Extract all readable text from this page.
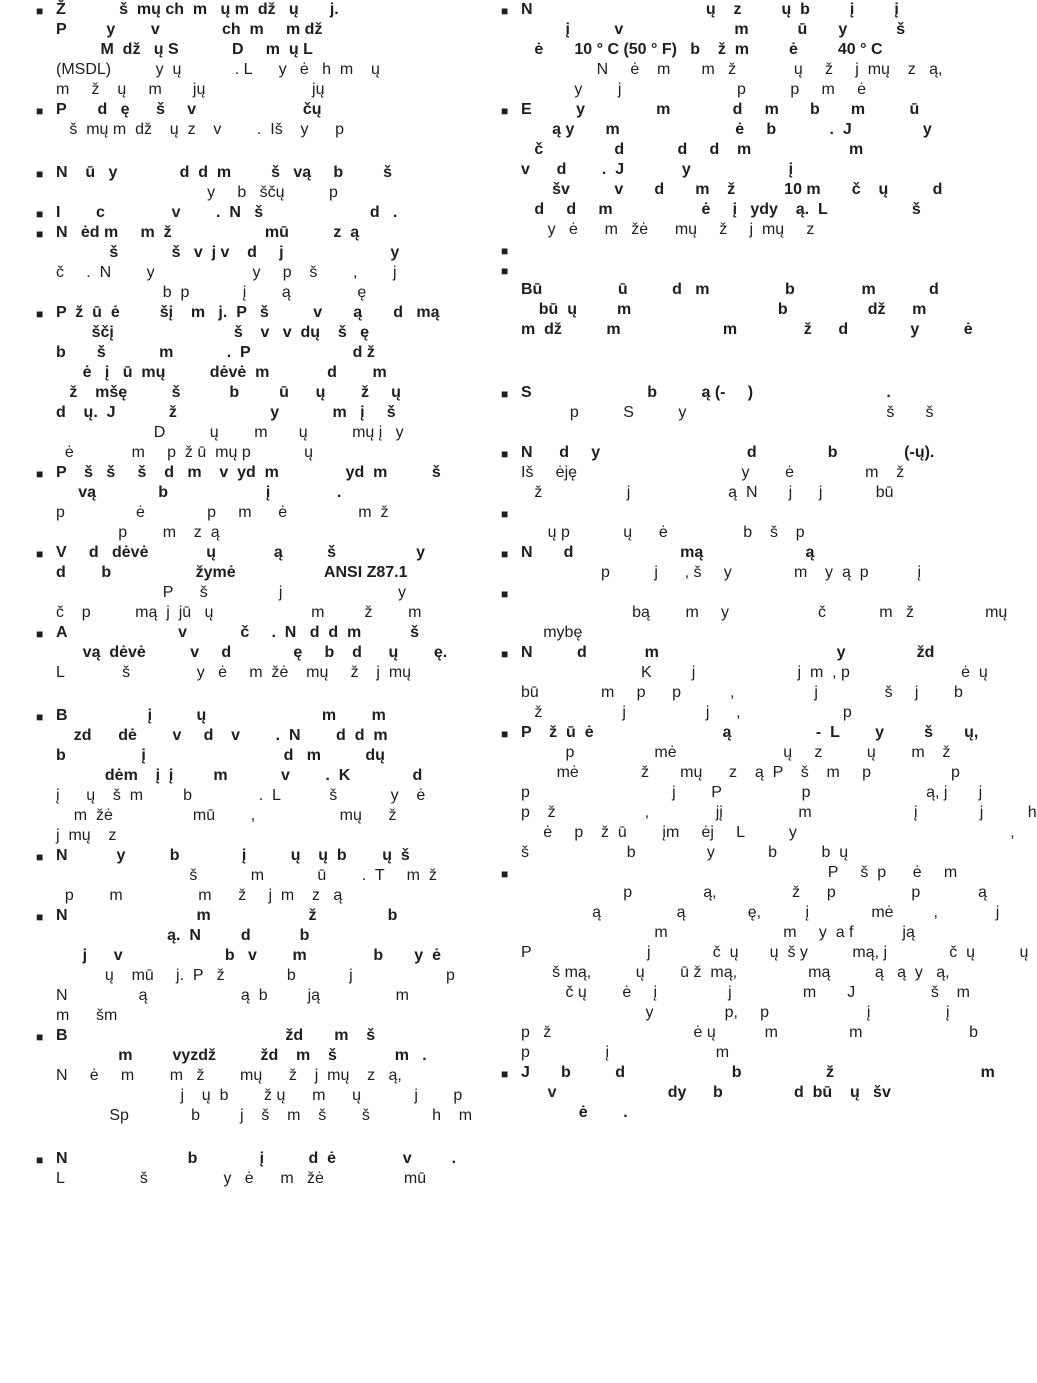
■ Ž            š  mų ch  m   ų m  dž   ų       j.

P         y        v              ch  m     m dž

M  dž   ų S            D     m  ų L

(MSDL)          y  ų            . L      y   ė   h  m    ų

m     ž    ų     m       jų                        jų

■ P       d   ę      š     v                        čų

š  mų m  dž    ų  z    v        .  Iš    y      p

■ N    ū   y              d  d  m         š   vą     b         š

y     b   ščų          p

■ I        c               v        .  N   š                        d   .

■ N   ėd m     m  ž                     mū          z  ą

š            š   v  j v    d     j                        y

č     .  N        y                      y     p    š        ,        j

b  p            į        ą               ę

■ P  ž  ū  ė         šį    m   j.  P   š          v       ą       d   mą

ščį                           š    v   v  dų    š   ę

b       š            m            .  P                       d ž

ė   į   ū  mų          dėvė  m             d        m

ž    mšę          š           b         ū      ų        ž     ų

d    ų.  J            ž                     y            m   į     š

D          ų        m       ų          mų į   y

ė             m     p  ž ū  mų p            ų

■ P    š   š     š    d   m    v  yd  m               yd  m          š

vą              b                      į               .

p                ė              p     m      ė                m  ž

p        m    z  ą

■ V     d   dėvė             ų             ą          š                  y

d        b                   žymė                    ANSI Z87.1

P      š                j                          y

č    p          mą  j  jū   ų                      m         ž        m

■ A                         v            č     .  N   d  d  m           š

vą  dėvė          v     d              ę     b    d      ų        ę.

L             š               y   ė     m  žė    mų     ž    j  mų

■ B                  į          ų                          m        m

zd      dė        v     d    v        .  N        d  d  m

b                 į                               d   m          dų

dėm    į  į         m            v        .  K              d

į      ų    š  m         b               .  L           š            y    ė

m  žė                  mū        ,                   mų      ž

j  mų    z

■ N           y          b              į          ų    ų  b        ų  š

š            m            ū        .  T     m  ž

p        m                 m      ž     j  m    z   ą

■ N                             m                      ž                b

ą.  N         d           b

j      v                       b   v        m               b       y  ė

ų    mū     j.  P   ž              b            j                     p

N                ą                     ą  b         ją                 m

m      šm

■ B                                                 žd       m    š

m         vyzdž          žd    m    š             m   .

N     ė     m        m   ž        mų      ž    j  mų    z   ą,

j    ų  b        ž ų      m      ų            j        p

Sp              b         j    š    m    š        š              h    m

■ N                           b              į          d  ė               v         .

L                 š                 y   ė      m   žė                  mū

■ N                                       ų    z         ų  b         į         į

į          v                         m           ū       y           š

ė       10 ° C (50 ° F)   b    ž  m         ė         40 ° C

N     ė    m       m   ž             ų     ž     j  mų    z   ą,

y        j                          p          p     m     ė

■ E          y                m              d     m       b       m          ū

ą y       m                          ė     b            .  J                y

č                d            d     d    m                      m

v      d        .  J             y                      į

šv          v       d       m    ž           10 m       č    ų          d

d     d     m                    ė     į   ydy    ą.  L                   š

y   ė      m   žė      mų     ž     j  mų     z

■

■

Bū                 ū          d   m                 b               m            d

bū  ų         m                                 b                  dž      m

m  dž          m                       m               ž      d              y          ė

■ S                          b          ą (-     )                              .

p          S          y                                             š       š

■ N      d     y                                 d                b               (-ų).

Iš     ėję                                     y        ė                m    ž

ž                   j                      ą  N       j      j            bū

■

ų p            ų      ė                 b    š    p

■ N       d                        mą                       ą

p          j      , š     y              m    y  ą  p           į

■

bą        m     y                    č            m   ž                mų

mybę

■ N          d             m                                        y                žd

K         j                       j  m  , p                         ė  ų

bū              m     p      p           ,                  j               š     j        b

ž                  j                  j      ,                       p

■ P    ž  ū  ė                             ą                   -  L        y         š       ų,

p                  mė                        ų     z          ų        m    ž

mė              ž       mų      z    ą  P    š    m     p                  p

p                                j        P                  p                          ą, j       j

p    ž                    ,               jį                 m                       į              j          h

ė     p    ž  ū        įm     ėj     L          y                                                ,

š                      b                y            b          b  ų

■ P     š  p      ė     m

p                ą,                 ž      p                 p             ą

ą                 ą              ę,          į              mė         ,             j

m                          m     y  a f           ją

P                          j              č  ų       ų  š y          mą, j              č  ų          ų

š mą,          ų        ū ž  mą,                mą          ą   ą  y   ą,

č ų        ė     į                j                m       J                 š    m

y                p,     p                      į                 į

p   ž                                ė ų           m                m                        b

p                 į                        m

■ J       b          d                        b                   ž                                 m

v                         dy      b                d  bū    ų   šv

ė        .
